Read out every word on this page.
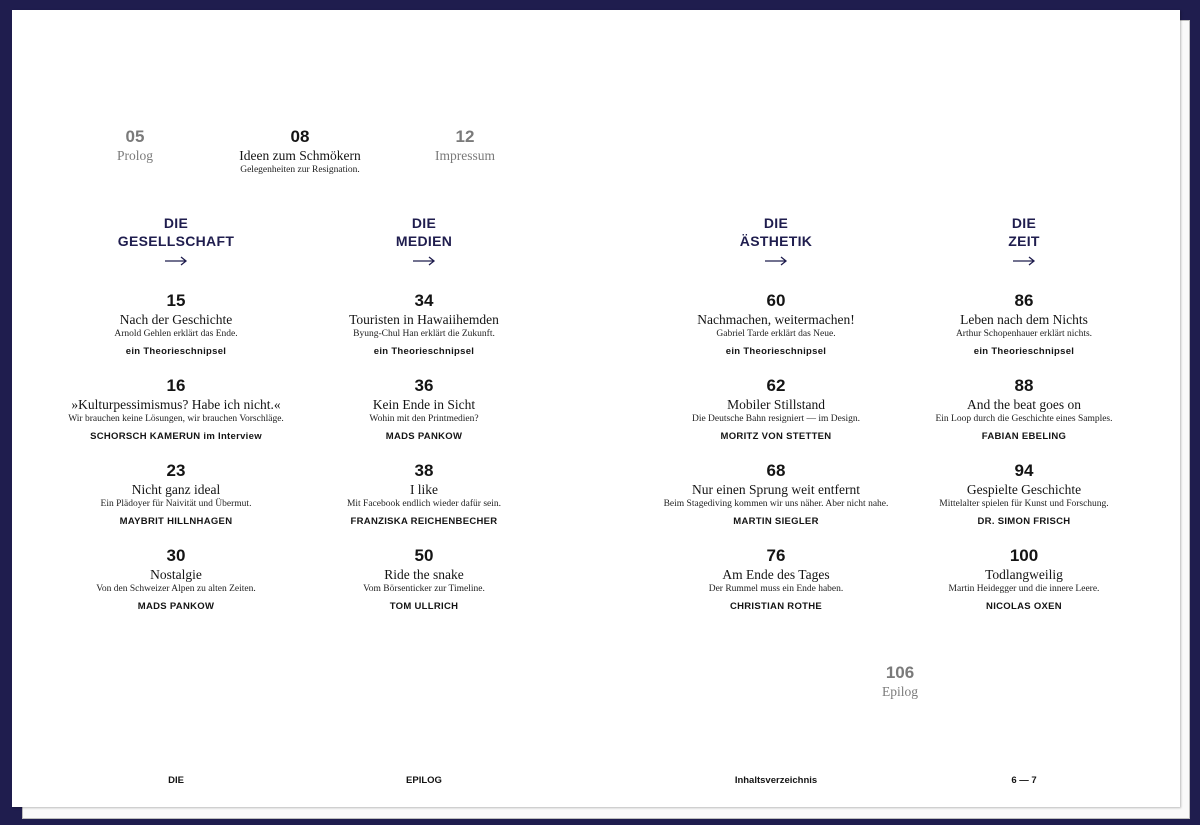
05
Prolog
08
Ideen zum Schmökern
Gelegenheiten zur Resignation.
12
Impressum
DIE
GESELLSCHAFT
DIE
MEDIEN
DIE
ÄSTHETIK
DIE
ZEIT
15
Nach der Geschichte
Arnold Gehlen erklärt das Ende.
ein Theorieschnipsel
16
»Kulturpessimismus? Habe ich nicht.«
Wir brauchen keine Lösungen, wir brauchen Vorschläge.
SCHORSCH KAMERUN im Interview
23
Nicht ganz ideal
Ein Plädoyer für Naivität und Übermut.
MAYBRIT HILLNHAGEN
30
Nostalgie
Von den Schweizer Alpen zu alten Zeiten.
MADS PANKOW
34
Touristen in Hawaiihemden
Byung-Chul Han erklärt die Zukunft.
ein Theorieschnipsel
36
Kein Ende in Sicht
Wohin mit den Printmedien?
MADS PANKOW
38
I like
Mit Facebook endlich wieder dafür sein.
FRANZISKA REICHENBECHER
50
Ride the snake
Vom Börsenticker zur Timeline.
TOM ULLRICH
60
Nachmachen, weitermachen!
Gabriel Tarde erklärt das Neue.
ein Theorieschnipsel
62
Mobiler Stillstand
Die Deutsche Bahn resigniert — im Design.
MORITZ VON STETTEN
68
Nur einen Sprung weit entfernt
Beim Stagediving kommen wir uns näher. Aber nicht nahe.
MARTIN SIEGLER
76
Am Ende des Tages
Der Rummel muss ein Ende haben.
CHRISTIAN ROTHE
86
Leben nach dem Nichts
Arthur Schopenhauer erklärt nichts.
ein Theorieschnipsel
88
And the beat goes on
Ein Loop durch die Geschichte eines Samples.
FABIAN EBELING
94
Gespielte Geschichte
Mittelalter spielen für Kunst und Forschung.
DR. SIMON FRISCH
100
Todlangweilig
Martin Heidegger und die innere Leere.
NICOLAS OXEN
106
Epilog
DIE	EPILOG	Inhaltsverzeichnis	6 — 7
